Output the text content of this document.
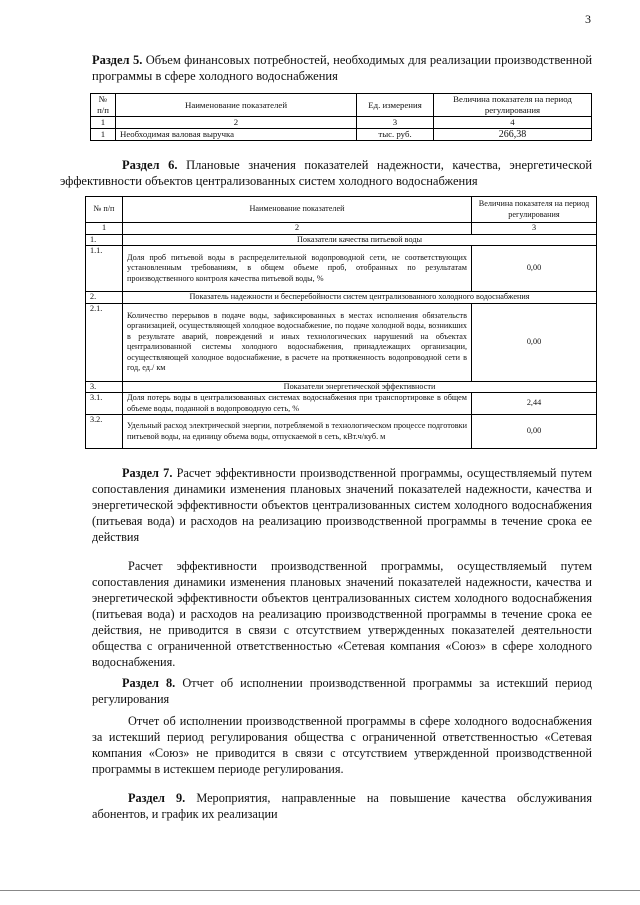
3
Раздел 5. Объем финансовых потребностей, необходимых для реализации производственной программы в сфере холодного водоснабжения
№ п/п	Наименование показателей	Ед. измерения	Величина показателя на период регулирования
1	2	3	4
1	Необходимая валовая выручка	тыс. руб.	266,38
Раздел 6. Плановые значения показателей надежности, качества, энергетической эффективности объектов централизованных систем холодного водоснабжения
№ п/п	Наименование показателей	Величина показателя на период регулирования
1	2	3
1.	Показатели качества питьевой воды	
1.1.	Доля проб питьевой воды в распределительной водопроводной сети, не соответствующих установленным требованиям, в общем объеме проб, отобранных по результатам производственного контроля качества питьевой воды, %	0,00
2.	Показатель надежности и бесперебойности систем централизованного холодного водоснабжения	
2.1.	Количество перерывов в подаче воды, зафиксированных в местах исполнения обязательств организацией, осуществляющей холодное водоснабжение, по подаче холодной воды, возникших в результате аварий, повреждений и иных технологических нарушений на объектах централизованной системы холодного водоснабжения, принадлежащих организации, осуществляющей холодное водоснабжение, в расчете на протяженность водопроводной сети в год, ед./ км	0,00
3.	Показатели энергетической эффективности	
3.1.	Доля потерь воды в централизованных системах водоснабжения при транспортировке в общем объеме воды, поданной в водопроводную сеть, %	2,44
3.2.	Удельный расход электрической энергии, потребляемой в технологическом процессе подготовки питьевой воды, на единицу объема воды, отпускаемой в сеть, кВт.ч/куб. м	0,00
Раздел 7. Расчет эффективности производственной программы, осуществляемый путем сопоставления динамики изменения плановых значений показателей надежности, качества и энергетической эффективности объектов централизованных систем холодного водоснабжения (питьевая вода) и расходов на реализацию производственной программы в течение срока ее действия
Расчет эффективности производственной программы, осуществляемый путем сопоставления динамики изменения плановых значений показателей надежности, качества и энергетической эффективности объектов централизованных систем холодного водоснабжения (питьевая вода) и расходов на реализацию производственной программы в течение срока ее действия, не приводится в связи с отсутствием утвержденных показателей деятельности общества с ограниченной ответственностью «Сетевая компания «Союз» в сфере холодного водоснабжения.
Раздел 8. Отчет об исполнении производственной программы за истекший период регулирования
Отчет об исполнении производственной программы в сфере холодного водоснабжения за истекший период регулирования общества с ограниченной ответственностью «Сетевая компания «Союз» не приводится в связи с отсутствием утвержденной производственной программы в истекшем периоде регулирования.
Раздел 9. Мероприятия, направленные на повышение качества обслуживания абонентов, и график их реализации
